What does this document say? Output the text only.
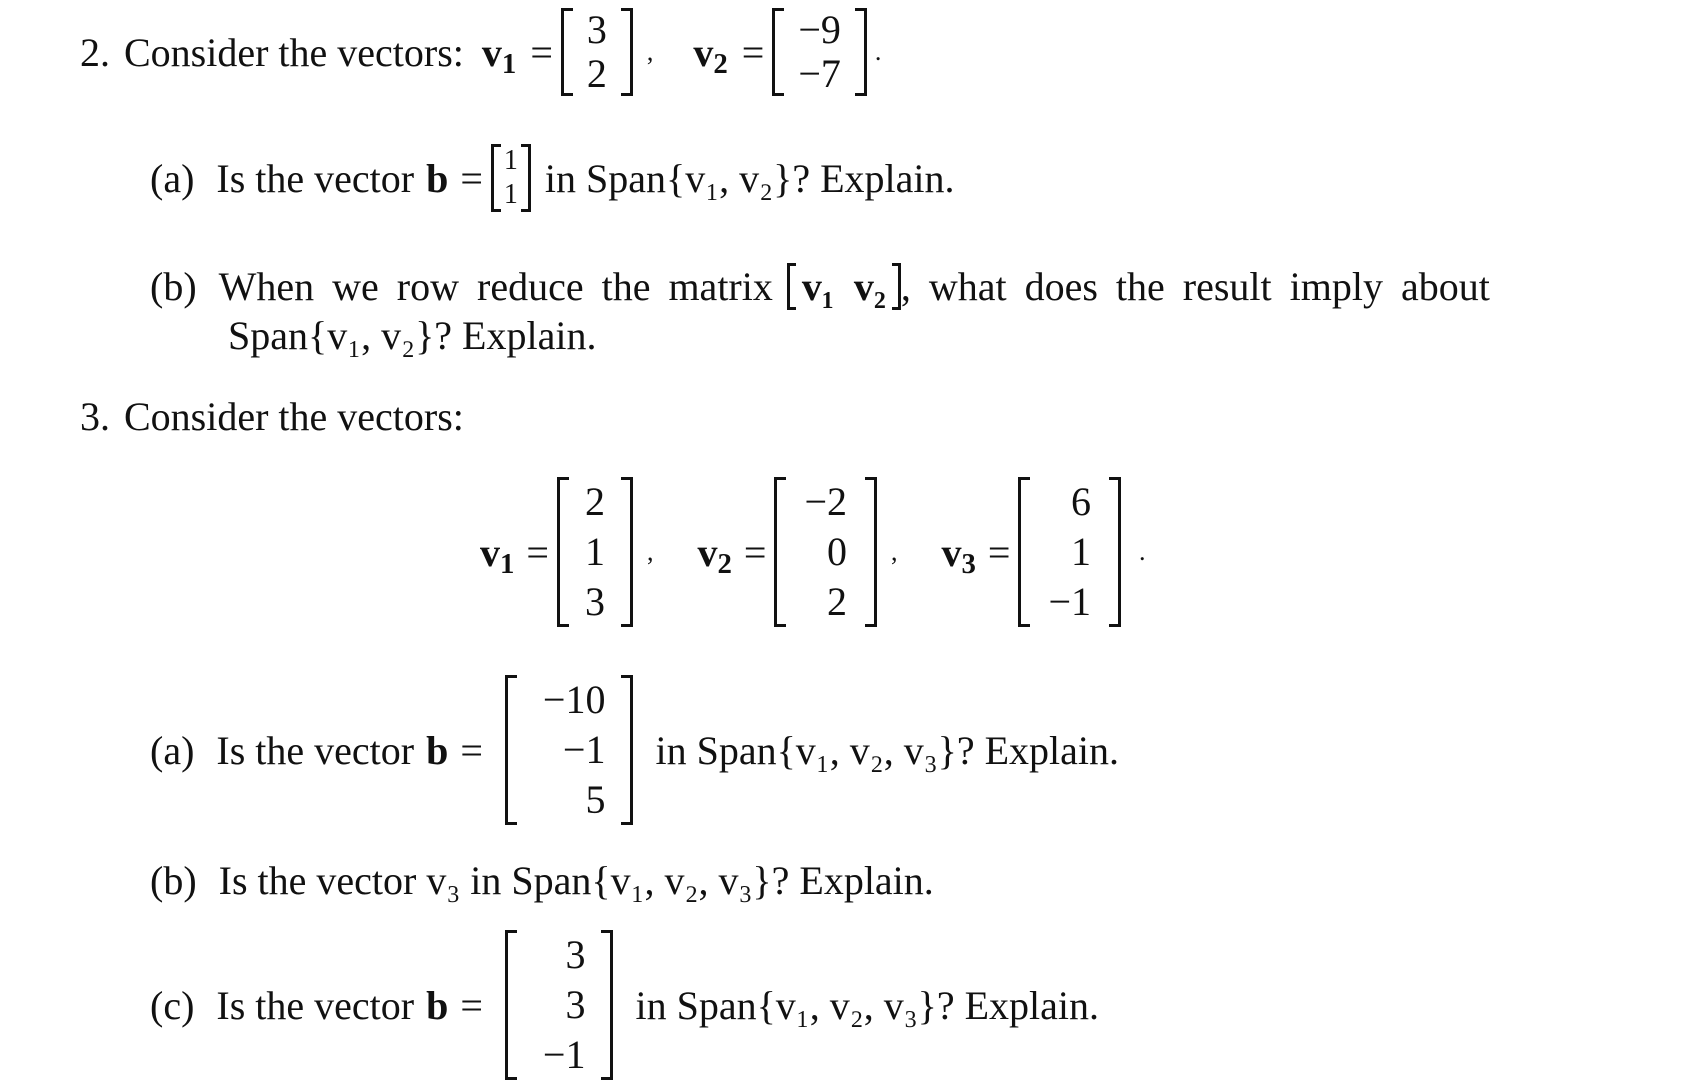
2. Consider the vectors: $v_1 = 3$
2 , $v_2 = -9$
−7 .
(a) Is the vector b = 1
1 in Span{v₁, v₂}? Explain.
(b) When we row reduce the matrix v₁  v₂ , what does the result imply about
Span{v₁, v₂}? Explain.
3. Consider the vectors:
$v_1$ =
2
1
3
, $v_2$ =
−2
0
2
, $v_3$ =
6
1
−1
.
(a) Is the vector b =
−10
−1
5
in Span{v₁, v₂, v₃}? Explain.
(b) Is the vector v₃ in Span{v₁, v₂, v₃}? Explain.
(c) Is the vector b =
3
3
−1
in Span{v₁, v₂, v₃}? Explain.
